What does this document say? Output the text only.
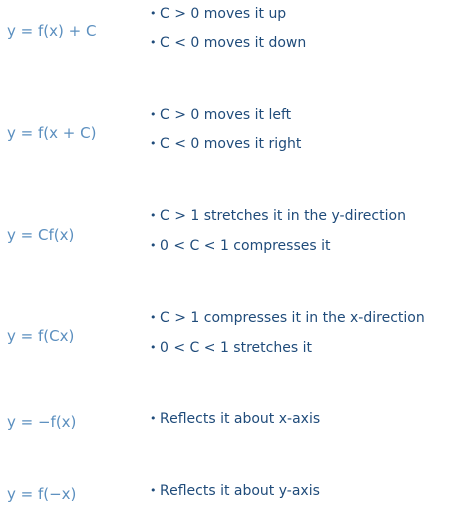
y = f(x) + C
• C > 0 moves it up
• C < 0 moves it down
y = f(x + C)
• C > 0 moves it left
• C < 0 moves it right
y = Cf(x)
• C > 1 stretches it in the y-direction
• 0 < C < 1 compresses it
y = f(Cx)
• C > 1 compresses it in the x-direction
• 0 < C < 1 stretches it
y = −f(x)	• Reflects it about x-axis
y = f(−x)	• Reflects it about y-axis
